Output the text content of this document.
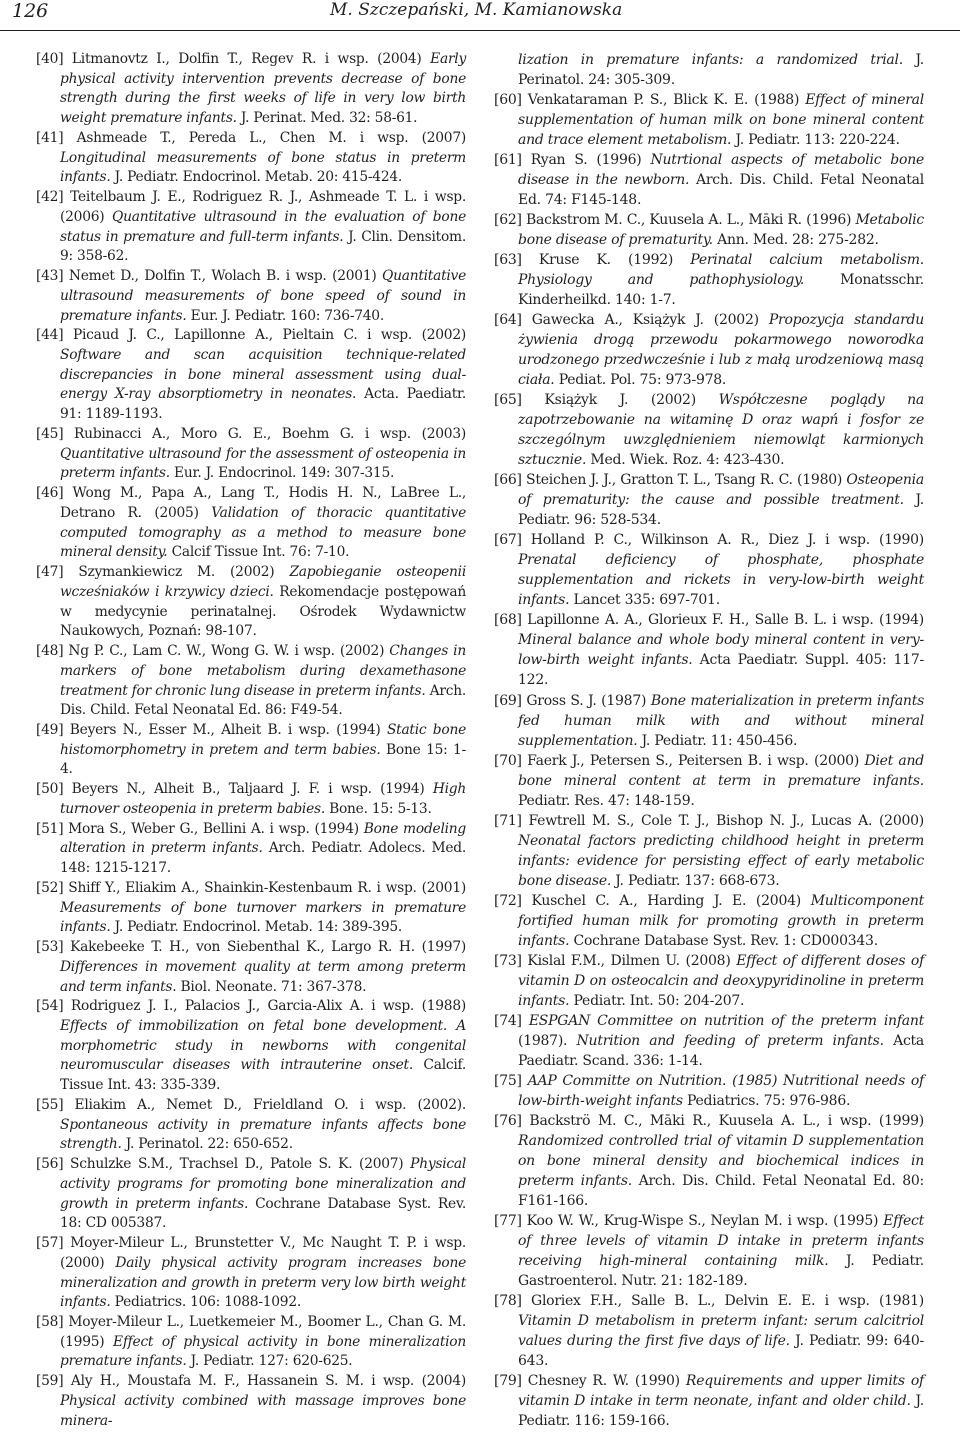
126	M. Szczepański, M. Kamianowska

[40] Litmanovtz I., Dolfin T., Regev R. i wsp. (2004) Early physical activity intervention prevents decrease of bone strength during the first weeks of life in very low birth weight premature infants. J. Perinat. Med. 32: 58-61.

[41] Ashmeade T., Pereda L., Chen M. i wsp. (2007) Longitudinal measurements of bone status in preterm infants. J. Pediatr. Endocrinol. Metab. 20: 415-424.

[42] Teitelbaum J. E., Rodriguez R. J., Ashmeade T. L. i wsp. (2006) Quantitative ultrasound in the evaluation of bone status in premature and full-term infants. J. Clin. Densitom. 9: 358-62.

[43] Nemet D., Dolfin T., Wolach B. i wsp. (2001) Quantitative ultrasound measurements of bone speed of sound in premature infants. Eur. J. Pediatr. 160: 736-740.

[44] Picaud J. C., Lapillonne A., Pieltain C. i wsp. (2002) Software and scan acquisition technique-related discrepancies in bone mineral assessment using dual-energy X-ray absorptiometry in neonates. Acta. Paediatr. 91: 1189-1193.

[45] Rubinacci A., Moro G. E., Boehm G. i wsp. (2003) Quantitative ultrasound for the assessment of osteopenia in preterm infants. Eur. J. Endocrinol. 149: 307-315.

[46] Wong M., Papa A., Lang T., Hodis H. N., LaBree L., Detrano R. (2005) Validation of thoracic quantitative computed tomography as a method to measure bone mineral density. Calcif Tissue Int. 76: 7-10.

[47] Szymankiewicz M. (2002) Zapobieganie osteopenii wcześniaków i krzywicy dzieci. Rekomendacje postępowań w medycynie perinatalnej. Ośrodek Wydawnictw Naukowych, Poznań: 98-107.

[48] Ng P. C., Lam C. W., Wong G. W. i wsp. (2002) Changes in markers of bone metabolism during dexamethasone treatment for chronic lung disease in preterm infants. Arch. Dis. Child. Fetal Neonatal Ed. 86: F49-54.

[49] Beyers N., Esser M., Alheit B. i wsp. (1994) Static bone histomorphometry in pretem and term babies. Bone 15: 1-4.

[50] Beyers N., Alheit B., Taljaard J. F. i wsp. (1994) High turnover osteopenia in preterm babies. Bone. 15: 5-13.

[51] Mora S., Weber G., Bellini A. i wsp. (1994) Bone modeling alteration in preterm infants. Arch. Pediatr. Adolecs. Med. 148: 1215-1217.

[52] Shiff Y., Eliakim A., Shainkin-Kestenbaum R. i wsp. (2001) Measurements of bone turnover markers in premature infants. J. Pediatr. Endocrinol. Metab. 14: 389-395.

[53] Kakebeeke T. H., von Siebenthal K., Largo R. H. (1997) Differences in movement quality at term among preterm and term infants. Biol. Neonate. 71: 367-378.

[54] Rodriguez J. I., Palacios J., Garcia-Alix A. i wsp. (1988) Effects of immobilization on fetal bone development. A morphometric study in newborns with congenital neuromuscular diseases with intrauterine onset. Calcif. Tissue Int. 43: 335-339.

[55] Eliakim A., Nemet D., Frieldland O. i wsp. (2002). Spontaneous activity in premature infants affects bone strength. J. Perinatol. 22: 650-652.

[56] Schulzke S.M., Trachsel D., Patole S. K. (2007) Physical activity programs for promoting bone mineralization and growth in preterm infants. Cochrane Database Syst. Rev. 18: CD 005387.

[57] Moyer-Mileur L., Brunstetter V., Mc Naught T. P. i wsp. (2000) Daily physical activity program increases bone mineralization and growth in preterm very low birth weight infants. Pediatrics. 106: 1088-1092.

[58] Moyer-Mileur L., Luetkemeier M., Boomer L., Chan G. M. (1995) Effect of physical activity in bone mineralization premature infants. J. Pediatr. 127: 620-625.

[59] Aly H., Moustafa M. F., Hassanein S. M. i wsp. (2004) Physical activity combined with massage improves bone minera-

lization in premature infants: a randomized trial. J. Perinatol. 24: 305-309.

[60] Venkataraman P. S., Blick K. E. (1988) Effect of mineral supplementation of human milk on bone mineral content and trace element metabolism. J. Pediatr. 113: 220-224.

[61] Ryan S. (1996) Nutrtional aspects of metabolic bone disease in the newborn. Arch. Dis. Child. Fetal Neonatal Ed. 74: F145-148.

[62] Backstrom M. C., Kuusela A. L., Māki R. (1996) Metabolic bone disease of prematurity. Ann. Med. 28: 275-282.

[63] Kruse K. (1992) Perinatal calcium metabolism. Physiology and pathophysiology. Monatsschr. Kinderheilkd. 140: 1-7.

[64] Gawecka A., Książyk J. (2002) Propozycja standardu żywienia drogą przewodu pokarmowego noworodka urodzonego przedwcześnie i lub z małą urodzeniową masą ciała. Pediat. Pol. 75: 973-978.

[65] Książyk J. (2002) Współczesne poglądy na zapotrzebowanie na witaminę D oraz wapń i fosfor ze szczególnym uwzględnieniem niemowląt karmionych sztucznie. Med. Wiek. Roz. 4: 423-430.

[66] Steichen J. J., Gratton T. L., Tsang R. C. (1980) Osteopenia of prematurity: the cause and possible treatment. J. Pediatr. 96: 528-534.

[67] Holland P. C., Wilkinson A. R., Diez J. i wsp. (1990) Prenatal deficiency of phosphate, phosphate supplementation and rickets in very-low-birth weight infants. Lancet 335: 697-701.

[68] Lapillonne A. A., Glorieux F. H., Salle B. L. i wsp. (1994) Mineral balance and whole body mineral content in very-low-birth weight infants. Acta Paediatr. Suppl. 405: 117-122.

[69] Gross S. J. (1987) Bone materialization in preterm infants fed human milk with and without mineral supplementation. J. Pediatr. 11: 450-456.

[70] Faerk J., Petersen S., Peitersen B. i wsp. (2000) Diet and bone mineral content at term in premature infants. Pediatr. Res. 47: 148-159.

[71] Fewtrell M. S., Cole T. J., Bishop N. J., Lucas A. (2000) Neonatal factors predicting childhood height in preterm infants: evidence for persisting effect of early metabolic bone disease. J. Pediatr. 137: 668-673.

[72] Kuschel C. A., Harding J. E. (2004) Multicomponent fortified human milk for promoting growth in preterm infants. Cochrane Database Syst. Rev. 1: CD000343.

[73] Kislal F.M., Dilmen U. (2008) Effect of different doses of vitamin D on osteocalcin and deoxypyridinoline in preterm infants. Pediatr. Int. 50: 204-207.

[74] ESPGAN Committee on nutrition of the preterm infant (1987). Nutrition and feeding of preterm infants. Acta Paediatr. Scand. 336: 1-14.

[75] AAP Committe on Nutrition. (1985) Nutritional needs of low-birth-weight infants Pediatrics. 75: 976-986.

[76] Backströ M. C., Māki R., Kuusela A. L., i wsp. (1999) Randomized controlled trial of vitamin D supplementation on bone mineral density and biochemical indices in preterm infants. Arch. Dis. Child. Fetal Neonatal Ed. 80: F161-166.

[77] Koo W. W., Krug-Wispe S., Neylan M. i wsp. (1995) Effect of three levels of vitamin D intake in preterm infants receiving high-mineral containing milk. J. Pediatr. Gastroenterol. Nutr. 21: 182-189.

[78] Gloriex F.H., Salle B. L., Delvin E. E. i wsp. (1981) Vitamin D metabolism in preterm infant: serum calcitriol values during the first five days of life. J. Pediatr. 99: 640-643.

[79] Chesney R. W. (1990) Requirements and upper limits of vitamin D intake in term neonate, infant and older child. J. Pediatr. 116: 159-166.
